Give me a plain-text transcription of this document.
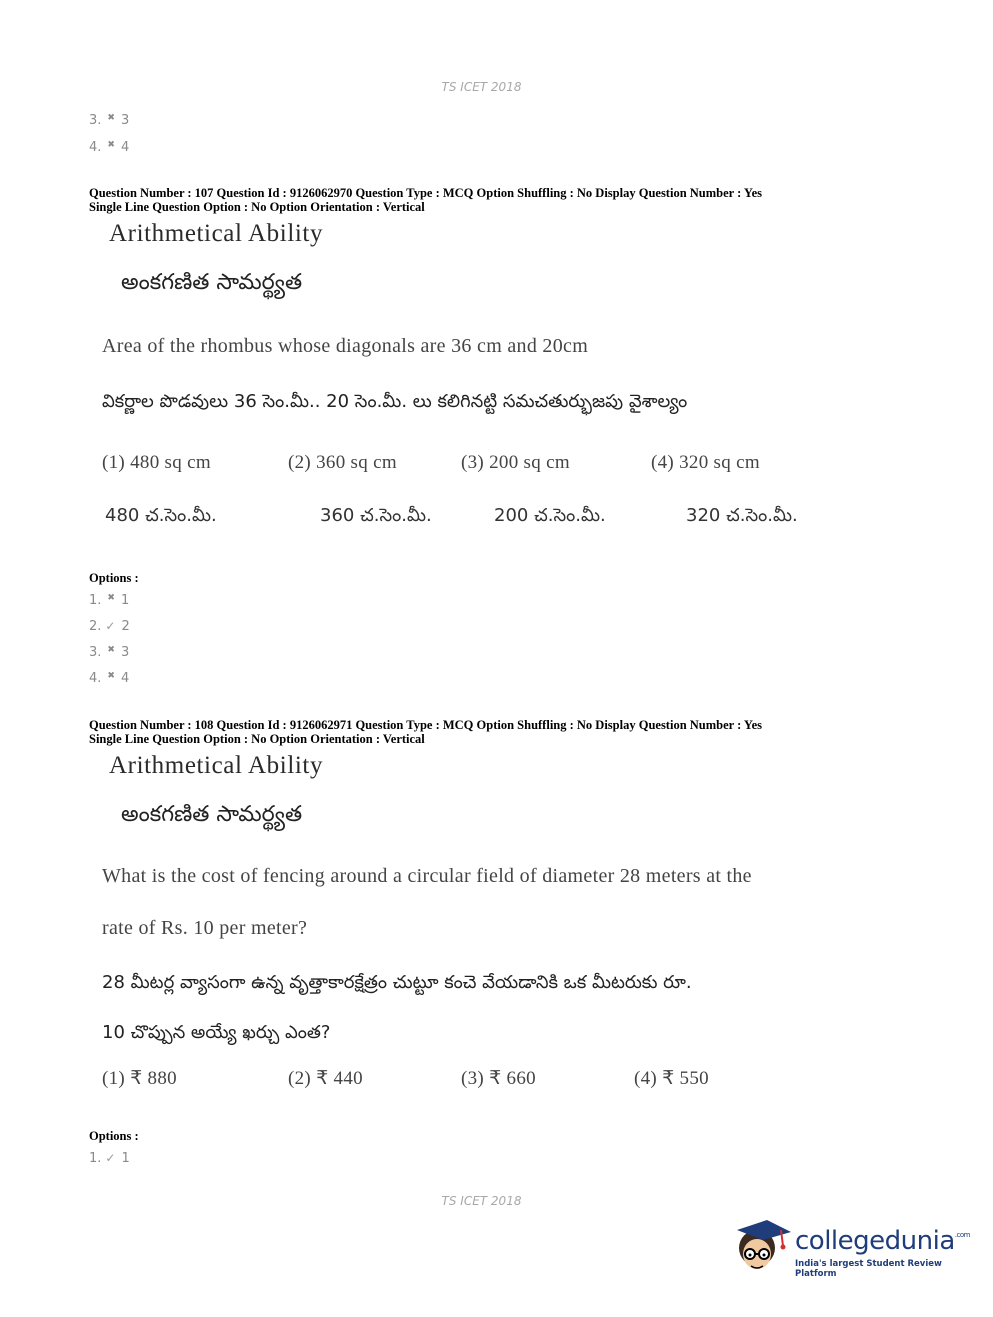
TS ICET 2018
3. ✖ 3
4. ✖ 4
Question Number : 107 Question Id : 9126062970 Question Type : MCQ Option Shuffling : No Display Question Number : Yes
Single Line Question Option : No Option Orientation : Vertical
Arithmetical Ability
అంకగణిత సామర్థ్యత
Area of the rhombus whose diagonals are 36 cm and 20cm
వికర్ణాల పొడవులు 36 సెం.మీ.. 20 సెం.మీ. లు కలిగినట్టి సమచతుర్భుజపు వైశాల్యం
(1) 480 sq cm	(2) 360 sq cm	(3) 200 sq cm	(4) 320 sq cm
480 చ.సెం.మీ.	360 చ.సెం.మీ.	200 చ.సెం.మీ.	320 చ.సెం.మీ.
Options :
1. ✖ 1
2. ✓ 2
3. ✖ 3
4. ✖ 4
Question Number : 108 Question Id : 9126062971 Question Type : MCQ Option Shuffling : No Display Question Number : Yes
Single Line Question Option : No Option Orientation : Vertical
Arithmetical Ability
అంకగణిత సామర్థ్యత
What is the cost of fencing around a circular field of diameter 28 meters at the
rate of Rs. 10 per meter?
28 మీటర్ల వ్యాసంగా ఉన్న వృత్తాకారక్షేత్రం చుట్టూ కంచె వేయడానికి ఒక మీటరుకు రూ.
10 చొప్పున అయ్యే ఖర్చు ఎంత?
(1) ₹ 880	(2) ₹ 440	(3) ₹ 660	(4) ₹ 550
Options :
1. ✓ 1
TS ICET 2018
collegedunia$^{.com}$
India's largest Student Review Platform
